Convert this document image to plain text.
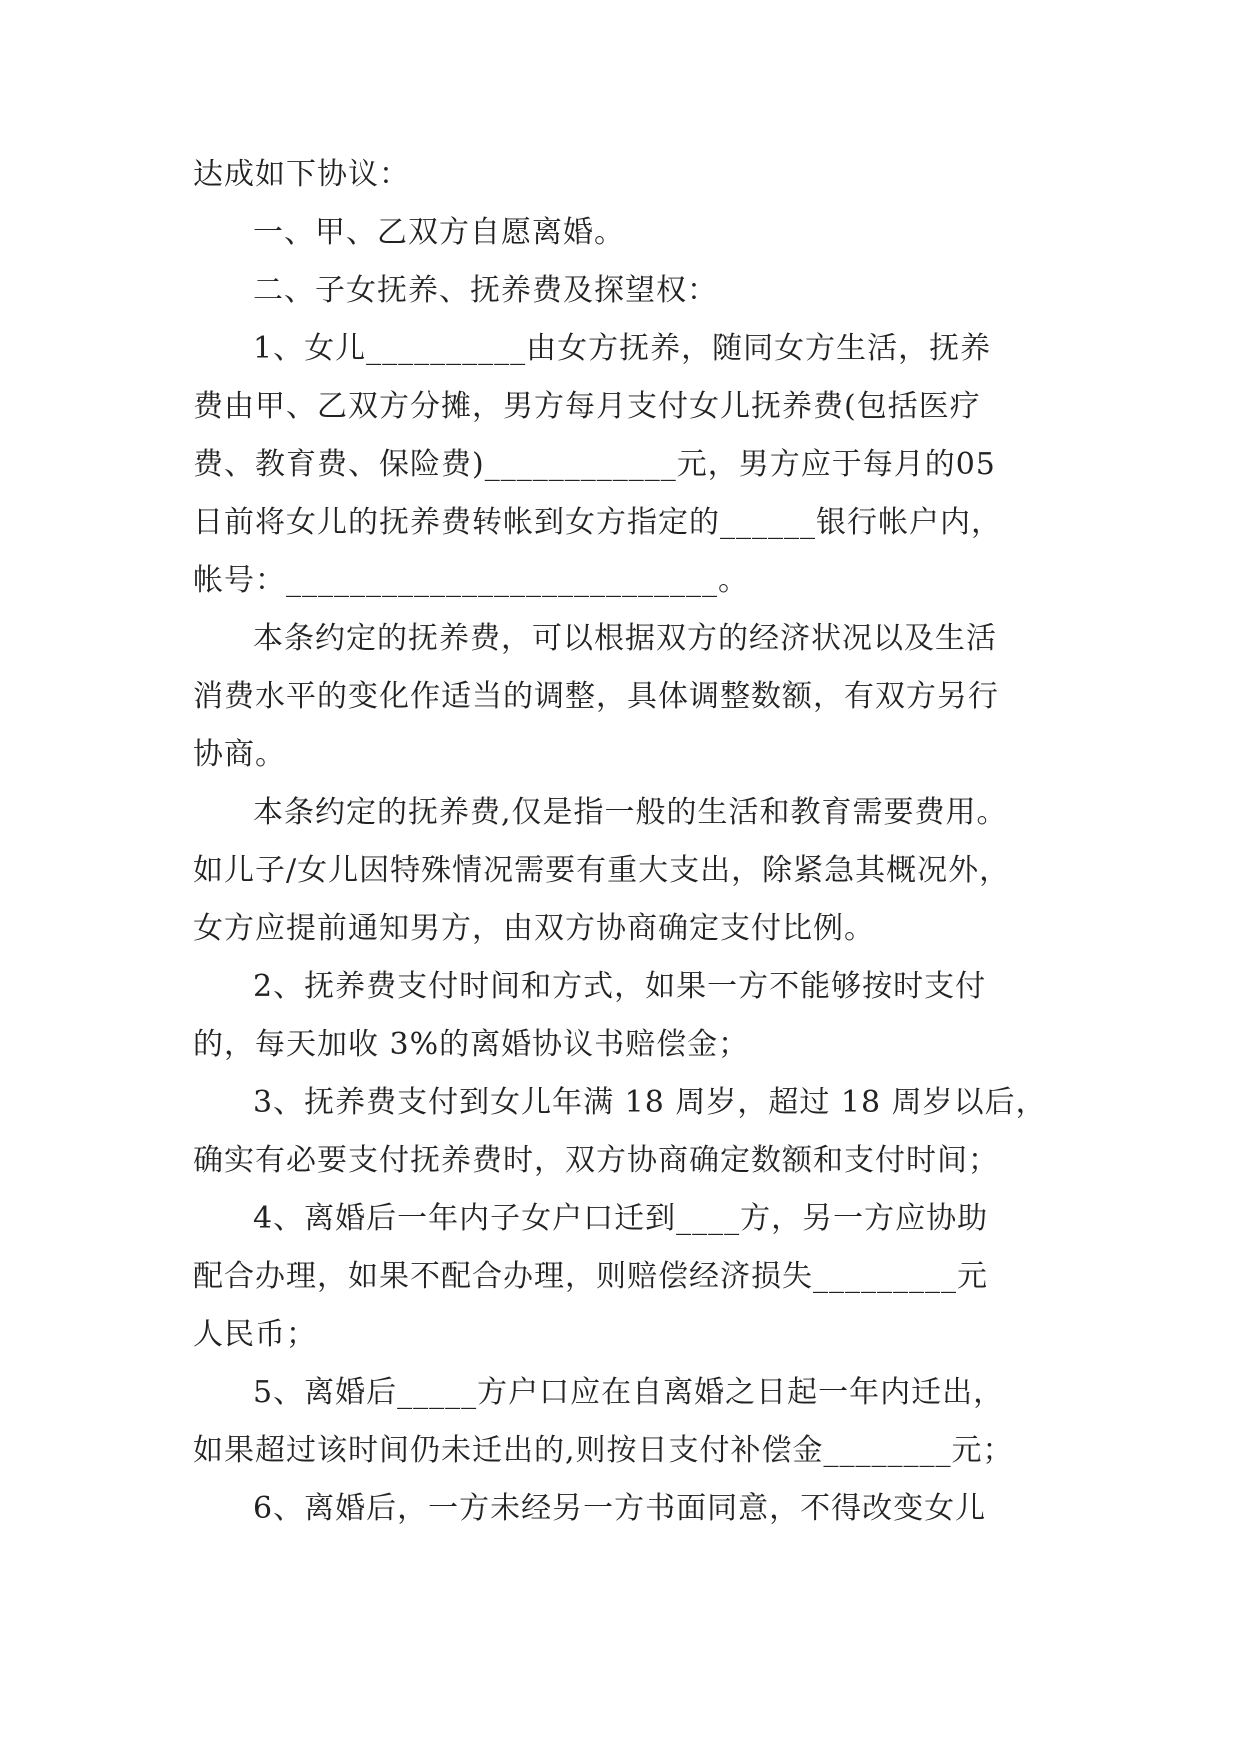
达成如下协议：
一、甲、乙双方自愿离婚。
二、子女抚养、抚养费及探望权：
1、女儿__________由女方抚养，随同女方生活，抚养
费由甲、乙双方分摊，男方每月支付女儿抚养费(包括医疗
费、教育费、保险费)____________元，男方应于每月的05
日前将女儿的抚养费转帐到女方指定的______银行帐户内，
帐号：___________________________。
本条约定的抚养费，可以根据双方的经济状况以及生活
消费水平的变化作适当的调整，具体调整数额，有双方另行
协商。
本条约定的抚养费,仅是指一般的生活和教育需要费用。
如儿子/女儿因特殊情况需要有重大支出，除紧急其概况外，
女方应提前通知男方，由双方协商确定支付比例。
2、抚养费支付时间和方式，如果一方不能够按时支付
的，每天加收 3%的离婚协议书赔偿金；
3、抚养费支付到女儿年满 18 周岁，超过 18 周岁以后，
确实有必要支付抚养费时，双方协商确定数额和支付时间；
4、离婚后一年内子女户口迁到____方，另一方应协助
配合办理，如果不配合办理，则赔偿经济损失_________元
人民币；
5、离婚后_____方户口应在自离婚之日起一年内迁出，
如果超过该时间仍未迁出的,则按日支付补偿金________元；
6、离婚后，一方未经另一方书面同意，不得改变女儿
